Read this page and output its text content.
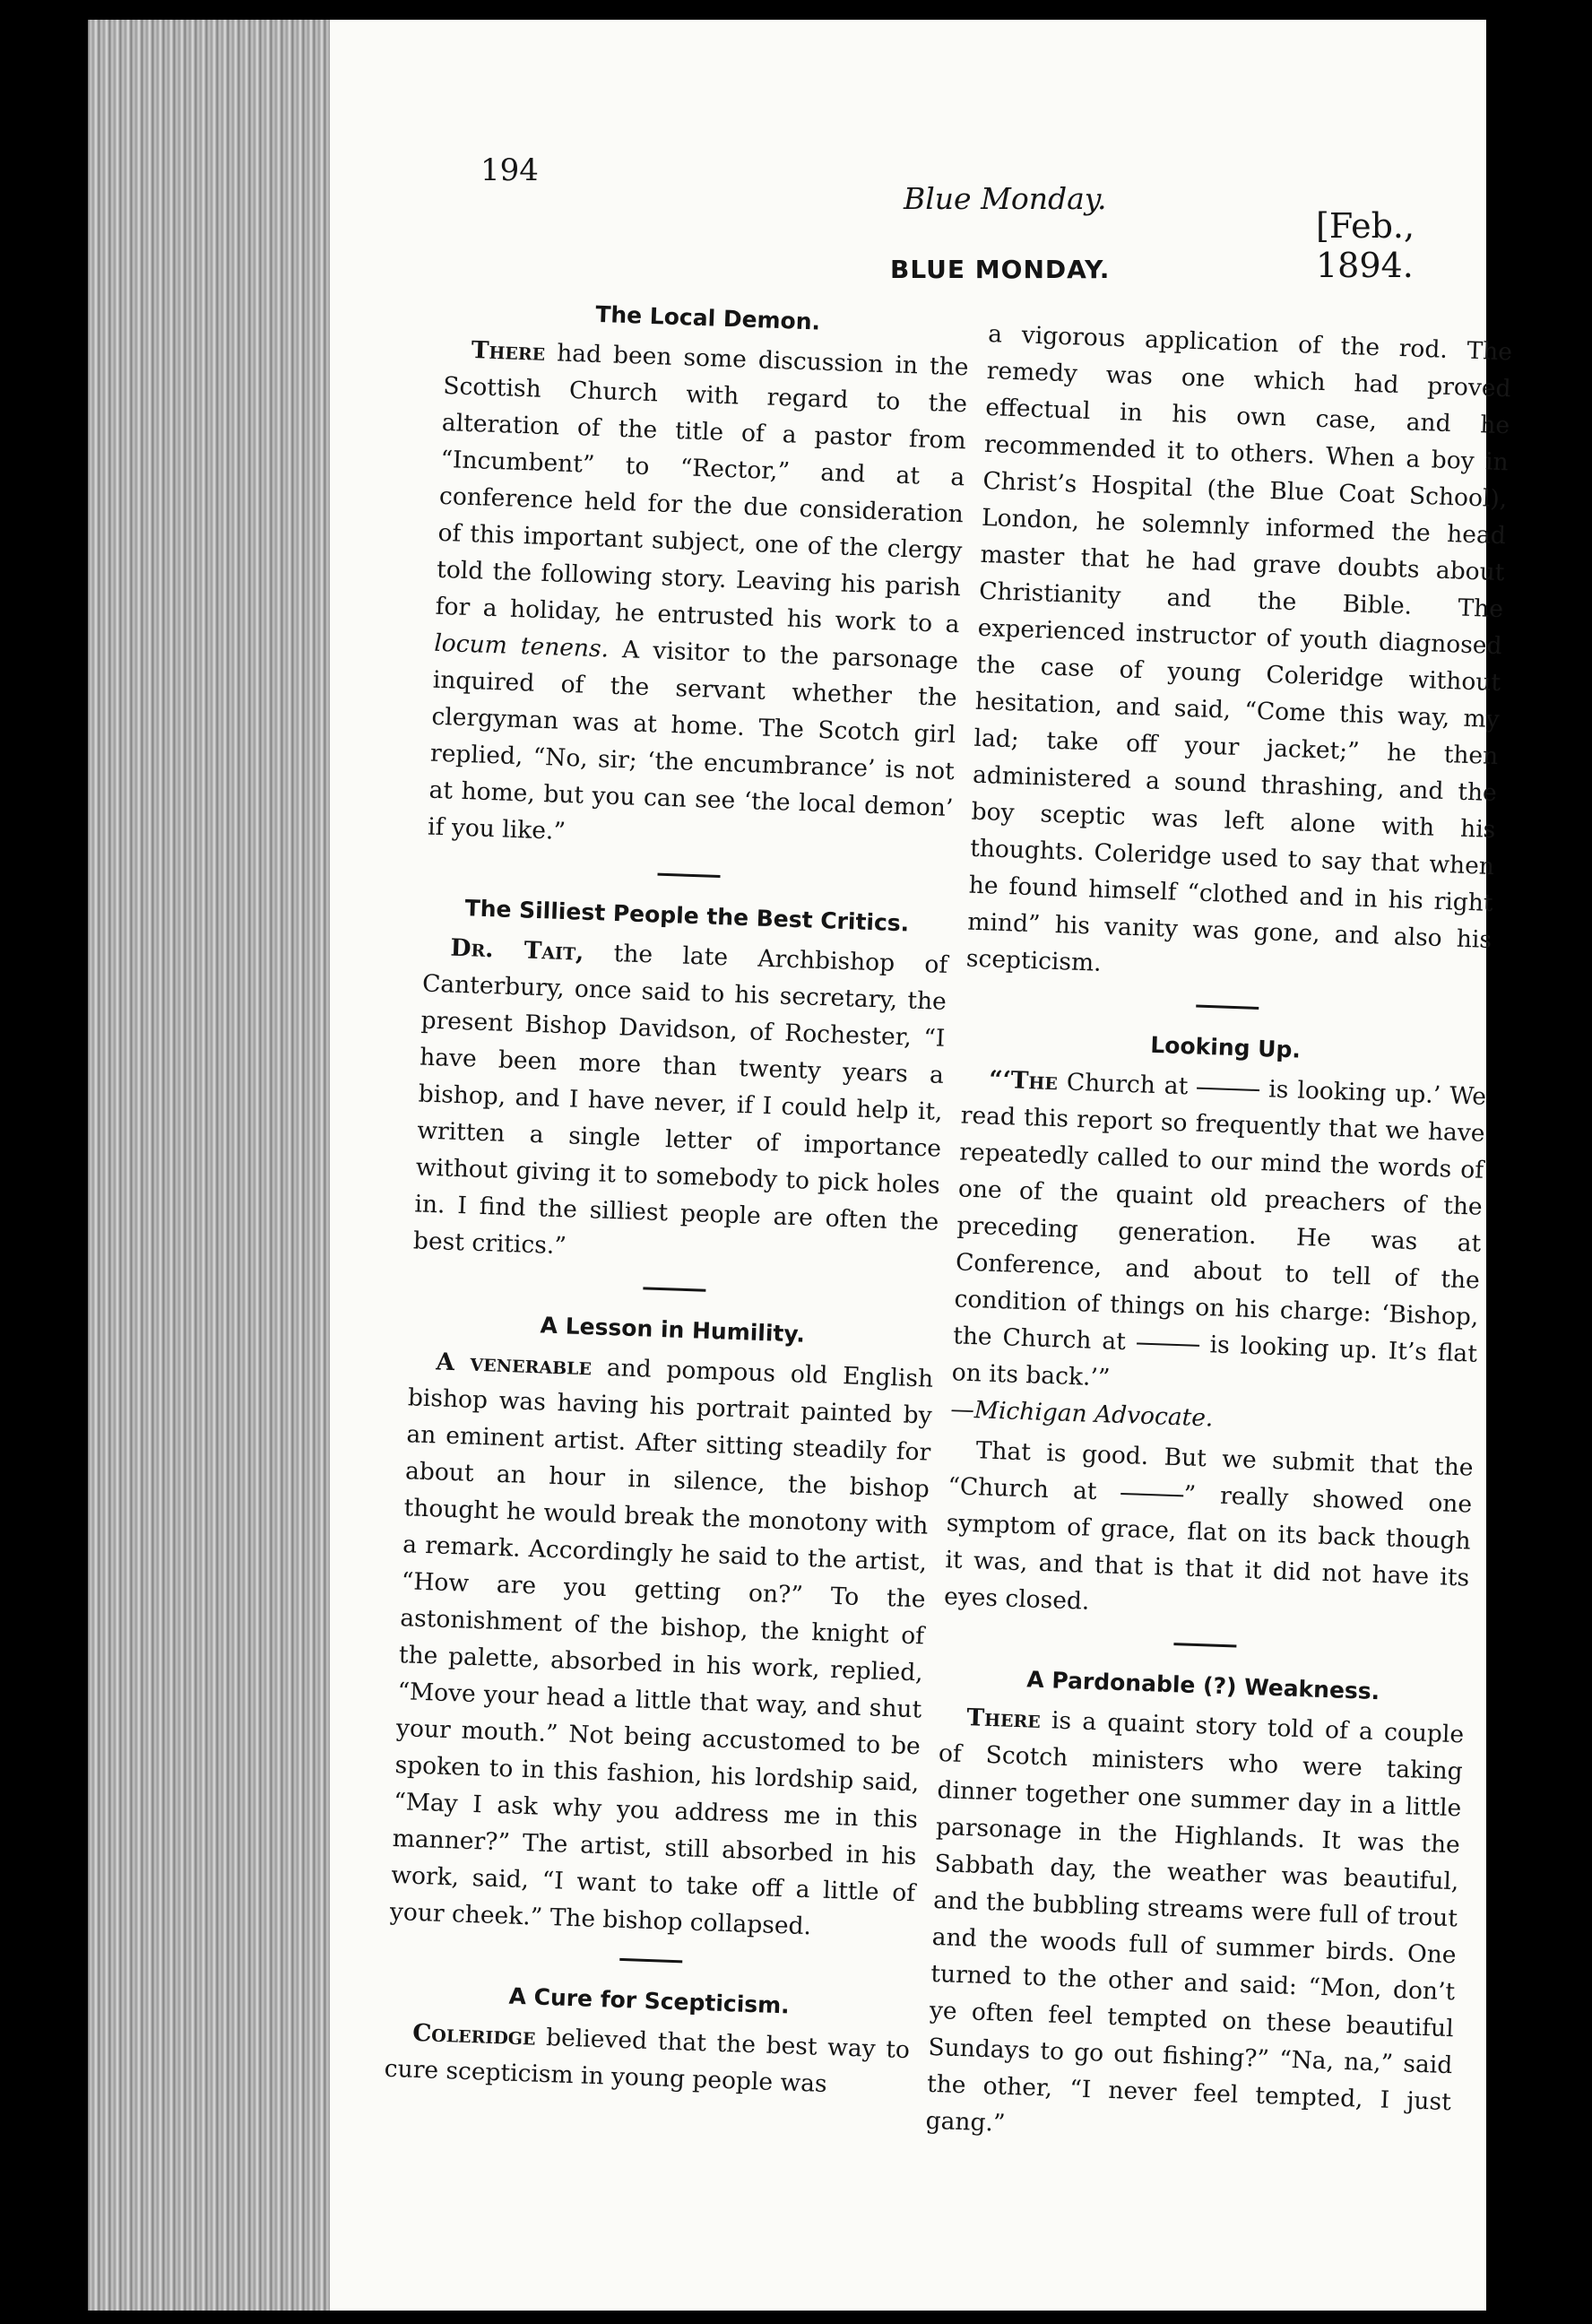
194
Blue Monday.
[Feb., 1894.
BLUE MONDAY.
The Local Demon.

There had been some discussion in the Scottish Church with regard to the alteration of the title of a pastor from “Incumbent” to “Rector,” and at a conference held for the due consideration of this important subject, one of the clergy told the following story. Leaving his parish for a holiday, he entrusted his work to a locum tenens. A visitor to the parsonage inquired of the servant whether the clergyman was at home. The Scotch girl replied, “No, sir; ‘the encumbrance’ is not at home, but you can see ‘the local demon’ if you like.”

The Silliest People the Best Critics.

Dr. Tait, the late Archbishop of Canterbury, once said to his secretary, the present Bishop Davidson, of Rochester, “I have been more than twenty years a bishop, and I have never, if I could help it, written a single letter of importance without giving it to somebody to pick holes in. I find the silliest people are often the best critics.”

A Lesson in Humility.

A venerable and pompous old English bishop was having his portrait painted by an eminent artist. After sitting steadily for about an hour in silence, the bishop thought he would break the monotony with a remark. Accordingly he said to the artist, “How are you getting on?” To the astonishment of the bishop, the knight of the palette, absorbed in his work, replied, “Move your head a little that way, and shut your mouth.” Not being accustomed to be spoken to in this fashion, his lordship said, “May I ask why you address me in this manner?” The artist, still absorbed in his work, said, “I want to take off a little of your cheek.” The bishop collapsed.

A Cure for Scepticism.

Coleridge believed that the best way to cure scepticism in young people was

a vigorous application of the rod. The remedy was one which had proved effectual in his own case, and he recommended it to others. When a boy in Christ’s Hospital (the Blue Coat School), London, he solemnly informed the head master that he had grave doubts about Christianity and the Bible. The experienced instructor of youth diagnosed the case of young Coleridge without hesitation, and said, “Come this way, my lad; take off your jacket;” he then administered a sound thrashing, and the boy sceptic was left alone with his thoughts. Coleridge used to say that when he found himself “clothed and in his right mind” his vanity was gone, and also his scepticism.

Looking Up.

“‘The Church at	is looking up.’ We read this report so frequently that we have repeatedly called to our mind the words of one of the quaint old preachers of the preceding generation. He was at Conference, and about to tell of the condition of things on his charge: ‘Bishop, the Church at	is looking up. It’s flat on its back.’”
—Michigan Advocate.

That is good. But we submit that the “Church at	” really showed one symptom of grace, flat on its back though it was, and that is that it did not have its eyes closed.

A Pardonable (?) Weakness.

There is a quaint story told of a couple of Scotch ministers who were taking dinner together one summer day in a little parsonage in the Highlands. It was the Sabbath day, the weather was beautiful, and the bubbling streams were full of trout and the woods full of summer birds. One turned to the other and said: “Mon, don’t ye often feel tempted on these beautiful Sundays to go out fishing?” “Na, na,” said the other, “I never feel tempted, I just gang.”
